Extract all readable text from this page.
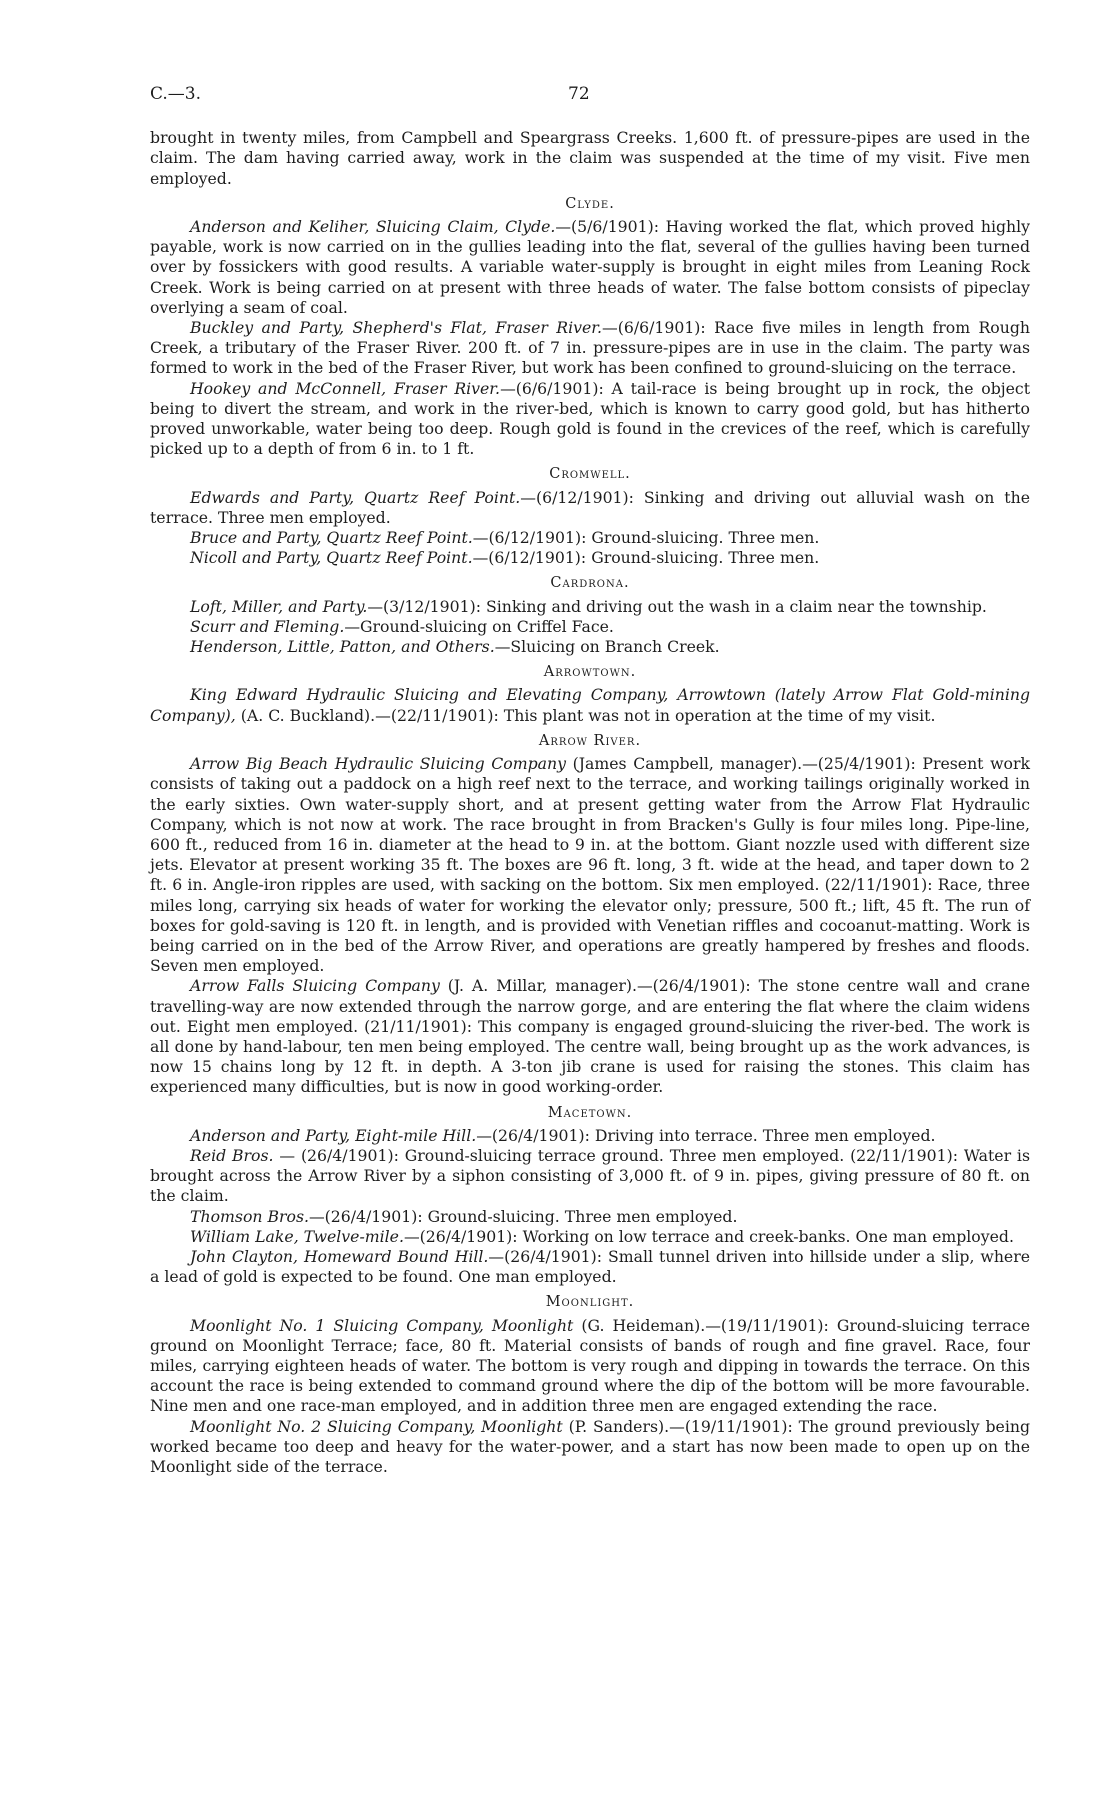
C.—3.	72

brought in twenty miles, from Campbell and Speargrass Creeks. 1,600 ft. of pressure-pipes are used in the claim. The dam having carried away, work in the claim was suspended at the time of my visit. Five men employed.

Clyde.

Anderson and Keliher, Sluicing Claim, Clyde.—(5/6/1901): Having worked the flat, which proved highly payable, work is now carried on in the gullies leading into the flat, several of the gullies having been turned over by fossickers with good results. A variable water-supply is brought in eight miles from Leaning Rock Creek. Work is being carried on at present with three heads of water. The false bottom consists of pipeclay overlying a seam of coal.

Buckley and Party, Shepherd's Flat, Fraser River.—(6/6/1901): Race five miles in length from Rough Creek, a tributary of the Fraser River. 200 ft. of 7 in. pressure-pipes are in use in the claim. The party was formed to work in the bed of the Fraser River, but work has been confined to ground-sluicing on the terrace.

Hookey and McConnell, Fraser River.—(6/6/1901): A tail-race is being brought up in rock, the object being to divert the stream, and work in the river-bed, which is known to carry good gold, but has hitherto proved unworkable, water being too deep. Rough gold is found in the crevices of the reef, which is carefully picked up to a depth of from 6 in. to 1 ft.

Cromwell.

Edwards and Party, Quartz Reef Point.—(6/12/1901): Sinking and driving out alluvial wash on the terrace. Three men employed.

Bruce and Party, Quartz Reef Point.—(6/12/1901): Ground-sluicing. Three men.

Nicoll and Party, Quartz Reef Point.—(6/12/1901): Ground-sluicing. Three men.

Cardrona.

Loft, Miller, and Party.—(3/12/1901): Sinking and driving out the wash in a claim near the township.

Scurr and Fleming.—Ground-sluicing on Criffel Face.

Henderson, Little, Patton, and Others.—Sluicing on Branch Creek.

Arrowtown.

King Edward Hydraulic Sluicing and Elevating Company, Arrowtown (lately Arrow Flat Gold-mining Company), (A. C. Buckland).—(22/11/1901): This plant was not in operation at the time of my visit.

Arrow River.

Arrow Big Beach Hydraulic Sluicing Company (James Campbell, manager).—(25/4/1901): Present work consists of taking out a paddock on a high reef next to the terrace, and working tailings originally worked in the early sixties. Own water-supply short, and at present getting water from the Arrow Flat Hydraulic Company, which is not now at work. The race brought in from Bracken's Gully is four miles long. Pipe-line, 600 ft., reduced from 16 in. diameter at the head to 9 in. at the bottom. Giant nozzle used with different size jets. Elevator at present working 35 ft. The boxes are 96 ft. long, 3 ft. wide at the head, and taper down to 2 ft. 6 in. Angle-iron ripples are used, with sacking on the bottom. Six men employed. (22/11/1901): Race, three miles long, carrying six heads of water for working the elevator only; pressure, 500 ft.; lift, 45 ft. The run of boxes for gold-saving is 120 ft. in length, and is provided with Venetian riffles and cocoanut-matting. Work is being carried on in the bed of the Arrow River, and operations are greatly hampered by freshes and floods. Seven men employed.

Arrow Falls Sluicing Company (J. A. Millar, manager).—(26/4/1901): The stone centre wall and crane travelling-way are now extended through the narrow gorge, and are entering the flat where the claim widens out. Eight men employed. (21/11/1901): This company is engaged ground-sluicing the river-bed. The work is all done by hand-labour, ten men being employed. The centre wall, being brought up as the work advances, is now 15 chains long by 12 ft. in depth. A 3-ton jib crane is used for raising the stones. This claim has experienced many difficulties, but is now in good working-order.

Macetown.

Anderson and Party, Eight-mile Hill.—(26/4/1901): Driving into terrace. Three men employed.

Reid Bros. — (26/4/1901): Ground-sluicing terrace ground. Three men employed. (22/11/1901): Water is brought across the Arrow River by a siphon consisting of 3,000 ft. of 9 in. pipes, giving pressure of 80 ft. on the claim.

Thomson Bros.—(26/4/1901): Ground-sluicing. Three men employed.

William Lake, Twelve-mile.—(26/4/1901): Working on low terrace and creek-banks. One man employed.

John Clayton, Homeward Bound Hill.—(26/4/1901): Small tunnel driven into hillside under a slip, where a lead of gold is expected to be found. One man employed.

Moonlight.

Moonlight No. 1 Sluicing Company, Moonlight (G. Heideman).—(19/11/1901): Ground-sluicing terrace ground on Moonlight Terrace; face, 80 ft. Material consists of bands of rough and fine gravel. Race, four miles, carrying eighteen heads of water. The bottom is very rough and dipping in towards the terrace. On this account the race is being extended to command ground where the dip of the bottom will be more favourable. Nine men and one race-man employed, and in addition three men are engaged extending the race.

Moonlight No. 2 Sluicing Company, Moonlight (P. Sanders).—(19/11/1901): The ground previously being worked became too deep and heavy for the water-power, and a start has now been made to open up on the Moonlight side of the terrace.
